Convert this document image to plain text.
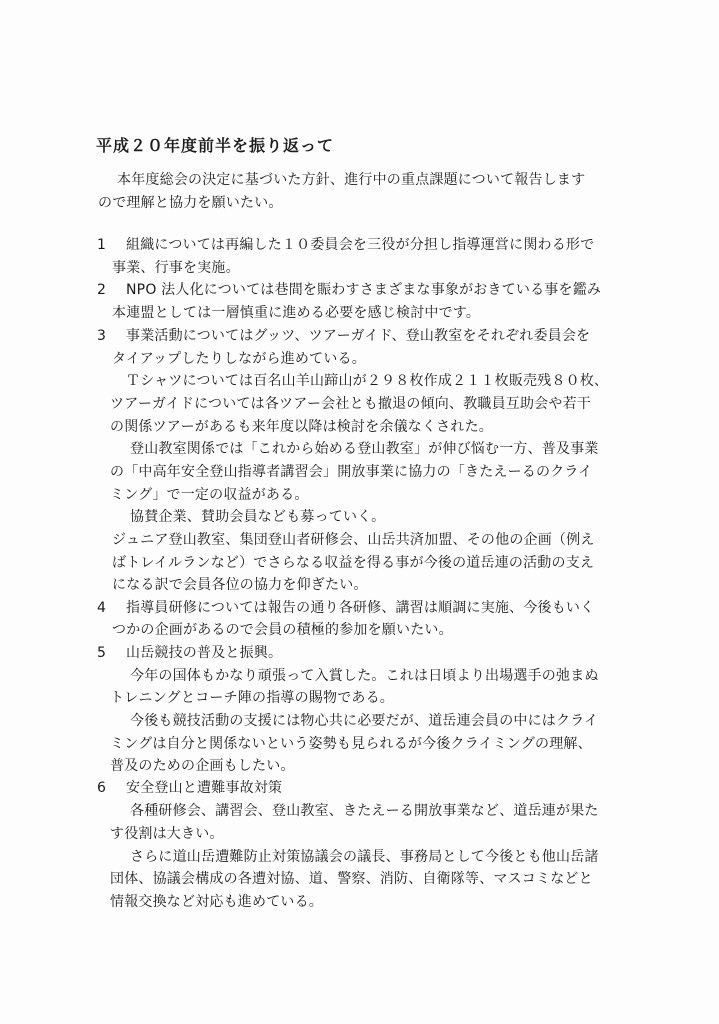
平成２０年度前半を振り返って
本年度総会の決定に基づいた方針、進行中の重点課題について報告します
ので理解と協力を願いたい。
1 組織については再編した１０委員会を三役が分担し指導運営に関わる形で
事業、行事を実施。
2 NPO 法人化については巷間を賑わすさまざまな事象がおきている事を鑑み
本連盟としては一層慎重に進める必要を感じ検討中です。
3 事業活動についてはグッツ、ツアーガイド、登山教室をそれぞれ委員会を
タイアップしたりしながら進めている。
Ｔシャツについては百名山羊山蹄山が２９８枚作成２１１枚販売残８０枚、
ツアーガイドについては各ツアー会社とも撤退の傾向、教職員互助会や若干
の関係ツアーがあるも来年度以降は検討を余儀なくされた。
登山教室関係では「これから始める登山教室」が伸び悩む一方、普及事業
の「中高年安全登山指導者講習会」開放事業に協力の「きたえーるのクライ
ミング」で一定の収益がある。
協賛企業、賛助会員なども募っていく。
ジュニア登山教室、集団登山者研修会、山岳共済加盟、その他の企画（例え
ばトレイルランなど）でさらなる収益を得る事が今後の道岳連の活動の支え
になる訳で会員各位の協力を仰ぎたい。
4 指導員研修については報告の通り各研修、講習は順調に実施、今後もいく
つかの企画があるので会員の積極的参加を願いたい。
5 山岳競技の普及と振興。
今年の国体もかなり頑張って入賞した。これは日頃より出場選手の弛まぬ
トレニングとコーチ陣の指導の賜物である。
今後も競技活動の支援には物心共に必要だが、道岳連会員の中にはクライ
ミングは自分と関係ないという姿勢も見られるが今後クライミングの理解、
普及のための企画もしたい。
6 安全登山と遭難事故対策
各種研修会、講習会、登山教室、きたえーる開放事業など、道岳連が果た
す役割は大きい。
さらに道山岳遭難防止対策協議会の議長、事務局として今後とも他山岳諸
団体、協議会構成の各遭対協、道、警察、消防、自衛隊等、マスコミなどと
情報交換など対応も進めている。
